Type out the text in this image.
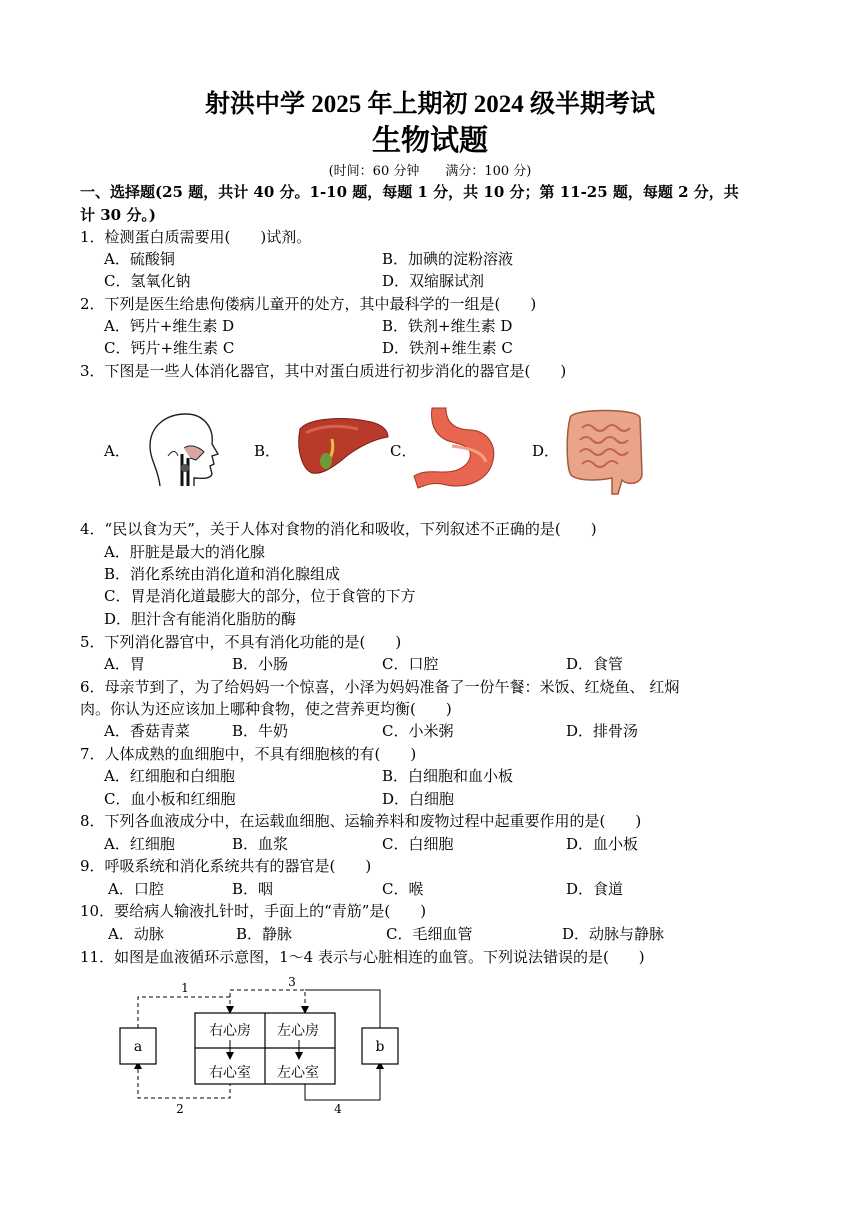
射洪中学 2025 年上期初 2024 级半期考试
生物试题
(时间：60 分钟　　满分：100 分)
一、选择题(25 题，共计 40 分。1-10 题，每题 1 分，共 10 分；第 11-25 题，每题 2 分，共
计 30 分。)
1．检测蛋白质需要用(　　)试剂。
A．硫酸铜	B．加碘的淀粉溶液
C．氢氧化钠	D．双缩脲试剂
2．下列是医生给患佝偻病儿童开的处方，其中最科学的一组是(　　)
A．钙片+维生素 D	B．铁剂+维生素 D
C．钙片+维生素 C	D．铁剂+维生素 C
3．下图是一些人体消化器官，其中对蛋白质进行初步消化的器官是(　　)
A．	B．	C．	D．
4．“民以食为天”，关于人体对食物的消化和吸收，下列叙述不正确的是(　　)
A．肝脏是最大的消化腺
B．消化系统由消化道和消化腺组成
C．胃是消化道最膨大的部分，位于食管的下方
D．胆汁含有能消化脂肪的酶
5．下列消化器官中，不具有消化功能的是(　　)
A．胃	B．小肠	C．口腔	D．食管
6．母亲节到了，为了给妈妈一个惊喜，小泽为妈妈准备了一份午餐：米饭、红烧鱼、 红焖
肉。你认为还应该加上哪种食物，使之营养更均衡(　　)
A．香菇青菜	B．牛奶	C．小米粥	D．排骨汤
7．人体成熟的血细胞中，不具有细胞核的有(　　)
A．红细胞和白细胞	B．白细胞和血小板
C．血小板和红细胞	D．白细胞
8．下列各血液成分中，在运载血细胞、运输养料和废物过程中起重要作用的是(　　)
A．红细胞	B．血浆	C．白细胞	D．血小板
9．呼吸系统和消化系统共有的器官是(　　)
A．口腔	B．咽	C．喉	D．食道
10．要给病人输液扎针时，手面上的“青筋”是(　　)
A．动脉	B．静脉	C．毛细血管	D．动脉与静脉
11．如图是血液循环示意图，1～4 表示与心脏相连的血管。下列说法错误的是(　　)
右心房 左心房
右心室 左心室
a	b
1	3
2	4
